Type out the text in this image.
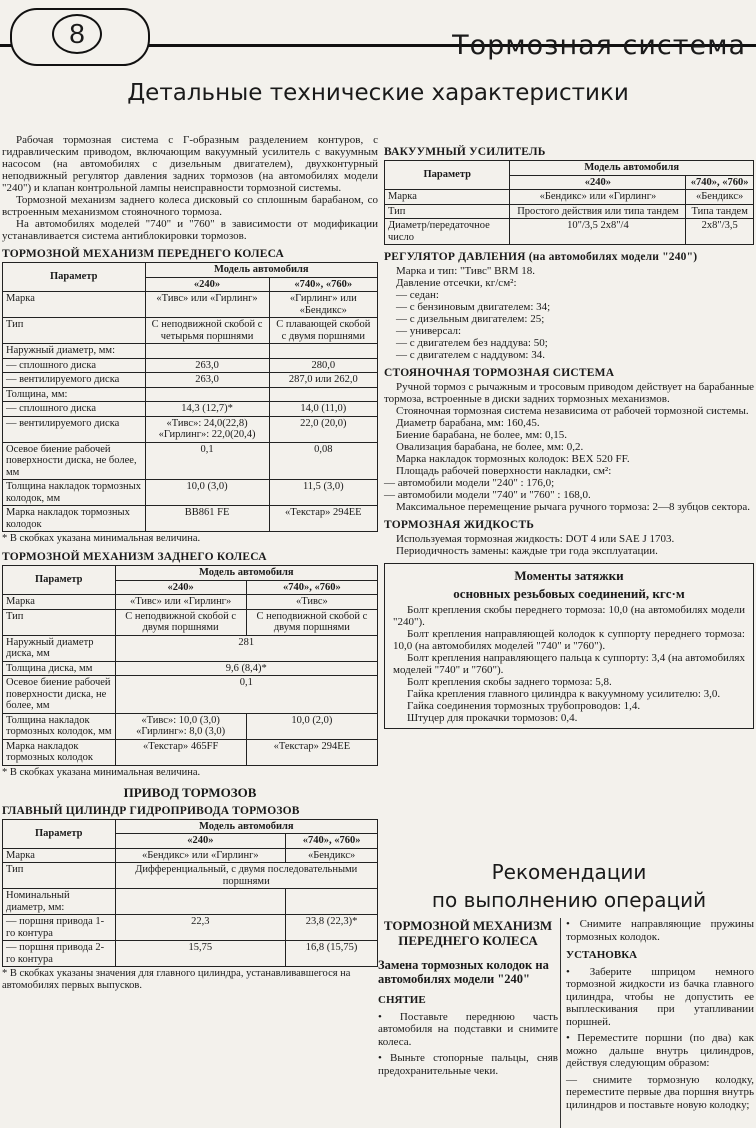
8	Тормозная система
Детальные технические характеристики

Рабочая тормозная система с Г-образным разделением контуров, с гидравлическим приводом, включающим вакуумный усилитель с вакуумным насосом (на автомобилях с дизельным двигателем), двухконтурный неподвижный регулятор давления задних тормозов (на автомобилях модели "240") и клапан контрольной лампы неисправности тормозной системы.

Тормозной механизм заднего колеса дисковый со сплошным барабаном, со встроенным механизмом стояночного тормоза.

На автомобилях моделей "740" и "760" в зависимости от модификации устанавливается система антиблокировки тормозов.

ТОРМОЗНОЙ МЕХАНИЗМ ПЕРЕДНЕГО КОЛЕСА
Параметр	Модель автомобиля	
	«240»	«740», «760»
Марка	«Тивс» или «Гирлинг»	«Гирлинг» или «Бендикс»
Тип	С неподвижной скобой с четырьмя поршнями	С плавающей скобой с двумя поршнями
Наружный диаметр, мм:		
— сплошного диска	263,0	280,0
— вентилируемого диска	263,0	287,0 или 262,0
Толщина, мм:		
— сплошного диска	14,3 (12,7)*	14,0 (11,0)
— вентилируемого диска	«Тивс»: 24,0(22,8) «Гирлинг»: 22,0(20,4)	22,0 (20,0)
Осевое биение рабочей поверхности диска, не более, мм	0,1	0,08
Толщина накладок тормозных колодок, мм	10,0 (3,0)	11,5 (3,0)
Марка накладок тормозных колодок	BB861 FE	«Текстар» 294EE
* В скобках указана минимальная величина.
ТОРМОЗНОЙ МЕХАНИЗМ ЗАДНЕГО КОЛЕСА
Параметр	Модель автомобиля	
	«240»	«740», «760»
Марка	«Тивс» или «Гирлинг»	«Тивс»
Тип	С неподвижной скобой с двумя поршнями	С неподвижной скобой с двумя поршнями
Наружный диаметр диска, мм	281	
Толщина диска, мм	9,6 (8,4)*	
Осевое биение рабочей поверхности диска, не более, мм	0,1	
Толщина накладок тормозных колодок, мм	«Тивс»: 10,0 (3,0) «Гирлинг»: 8,0 (3,0)	10,0 (2,0)
Марка накладок тормозных колодок	«Текстар» 465FF	«Текстар» 294EE
* В скобках указана минимальная величина.
ПРИВОД ТОРМОЗОВ
ГЛАВНЫЙ ЦИЛИНДР ГИДРОПРИВОДА ТОРМОЗОВ
Параметр	Модель автомобиля	
	«240»	«740», «760»
Марка	«Бендикс» или «Гирлинг»	«Бендикс»
Тип	Дифференциальный, с двумя последовательными поршнями	
Номинальный диаметр, мм:		
— поршня привода 1-го контура	22,3	23,8 (22,3)*
— поршня привода 2-го контура	15,75	16,8 (15,75)
* В скобках указаны значения для главного цилиндра, устанавливавшегося на автомобилях первых выпусков.
ВАКУУМНЫЙ УСИЛИТЕЛЬ
Параметр	Модель автомобиля	
	«240»	«740», «760»
Марка	«Бендикс» или «Гирлинг»	«Бендикс»
Тип	Простого действия или типа тандем	Типа тандем
Диаметр/передаточное число	10"/3,5 2x8"/4	2x8"/3,5
РЕГУЛЯТОР ДАВЛЕНИЯ (на автомобилях модели "240")

Марка и тип: "Тивс" BRM 18.

Давление отсечки, кг/см²:

— седан:

— с бензиновым двигателем: 34;

— с дизельным двигателем: 25;

— универсал:

— с двигателем без наддува: 50;

— с двигателем с наддувом: 34.

СТОЯНОЧНАЯ ТОРМОЗНАЯ СИСТЕМА

Ручной тормоз с рычажным и тросовым приводом действует на барабанные тормоза, встроенные в диски задних тормозных механизмов.

Стояночная тормозная система независима от рабочей тормозной системы.

Диаметр барабана, мм: 160,45.

Биение барабана, не более, мм: 0,15.

Овализация барабана, не более, мм: 0,2.

Марка накладок тормозных колодок: BEX 520 FF.

Площадь рабочей поверхности накладки, см²:

— автомобили модели "240" : 176,0;

— автомобили модели "740" и "760" : 168,0.

Максимальное перемещение рычага ручного тормоза: 2—8 зубцов сектора.

ТОРМОЗНАЯ ЖИДКОСТЬ

Используемая тормозная жидкость: DOT 4 или SAE J 1703.

Периодичность замены: каждые три года эксплуатации.

Моменты затяжки
основных резьбовых соединений, кгс·м

Болт крепления скобы переднего тормоза: 10,0 (на автомобилях модели "240").

Болт крепления направляющей колодок к суппорту переднего тормоза: 10,0 (на автомобилях моделей "740" и "760").

Болт крепления направляющего пальца к суппорту: 3,4 (на автомобилях моделей "740" и "760").

Болт крепления скобы заднего тормоза: 5,8.

Гайка крепления главного цилиндра к вакуумному усилителю: 3,0.

Гайка соединения тормозных трубопроводов: 1,4.

Штуцер для прокачки тормозов: 0,4.

Рекомендации
по выполнению операций
ТОРМОЗНОЙ МЕХАНИЗМ ПЕРЕДНЕГО КОЛЕСА
Замена тормозных колодок на автомобилях модели "240"
СНЯТИЕ

• Поставьте переднюю часть автомобиля на подставки и снимите колеса.

• Выньте стопорные пальцы, сняв предохранительные чеки.

• Снимите направляющие пружины тормозных колодок.

УСТАНОВКА

• Заберите шприцом немного тормозной жидкости из бачка главного цилиндра, чтобы не допустить ее выплескивания при утапливании поршней.

• Переместите поршни (по два) как можно дальше внутрь цилиндров, действуя следующим образом:

— снимите тормозную колодку, переместите первые два поршня внутрь цилиндров и поставьте новую колодку;
